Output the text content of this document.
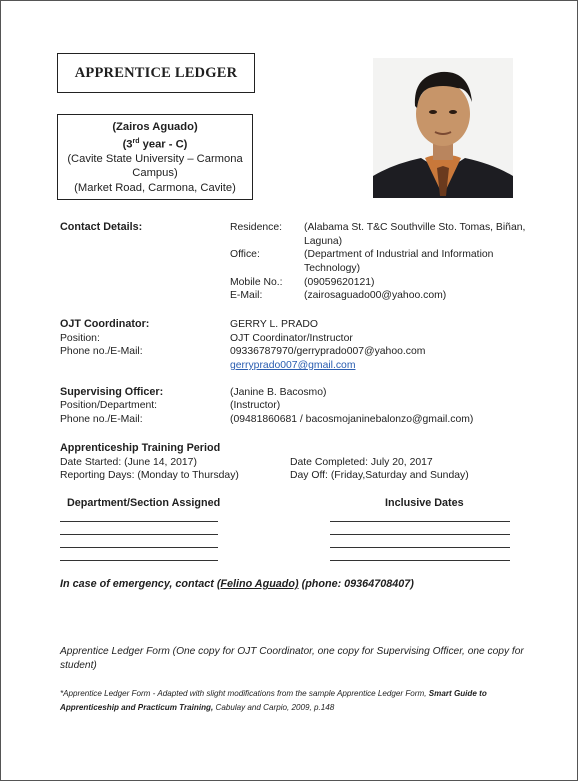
APPRENTICE LEDGER
(Zairos Aguado)
(3rd year - C)
(Cavite State University – Carmona
Campus)
(Market Road, Carmona, Cavite)
Contact Details:	Residence: (Alabama St. T&C Southville Sto. Tomas, Biñan,
Laguna)
Office:	(Department of Industrial and Information
Technology)
Mobile No.: (09059620121)
E-Mail:	(zairosaguado00@yahoo.com)
OJT Coordinator:	GERRY L. PRADO
Position:	OJT Coordinator/Instructor
Phone no./E-Mail:	09336787970/gerryprado007@yahoo.com
gerryprado007@gmail.com
Supervising Officer:	(Janine B. Bacosmo)
Position/Department:	(Instructor)
Phone no./E-Mail:	(09481860681 / bacosmojaninebalonzo@gmail.com)
Apprenticeship Training Period
Date Started: (June 14, 2017)	Date Completed: July 20, 2017
Reporting Days: (Monday to Thursday)	Day Off: (Friday,Saturday and Sunday)
Department/Section Assigned	Inclusive Dates
In case of emergency, contact (Felino Aguado) (phone: 09364708407)
Apprentice Ledger Form (One copy for OJT Coordinator, one copy for Supervising Officer, one copy for
student)
*Apprentice Ledger Form - Adapted with slight modifications from the sample Apprentice Ledger Form, Smart Guide to
Apprenticeship and Practicum Training, Cabulay and Carpio, 2009, p.148
